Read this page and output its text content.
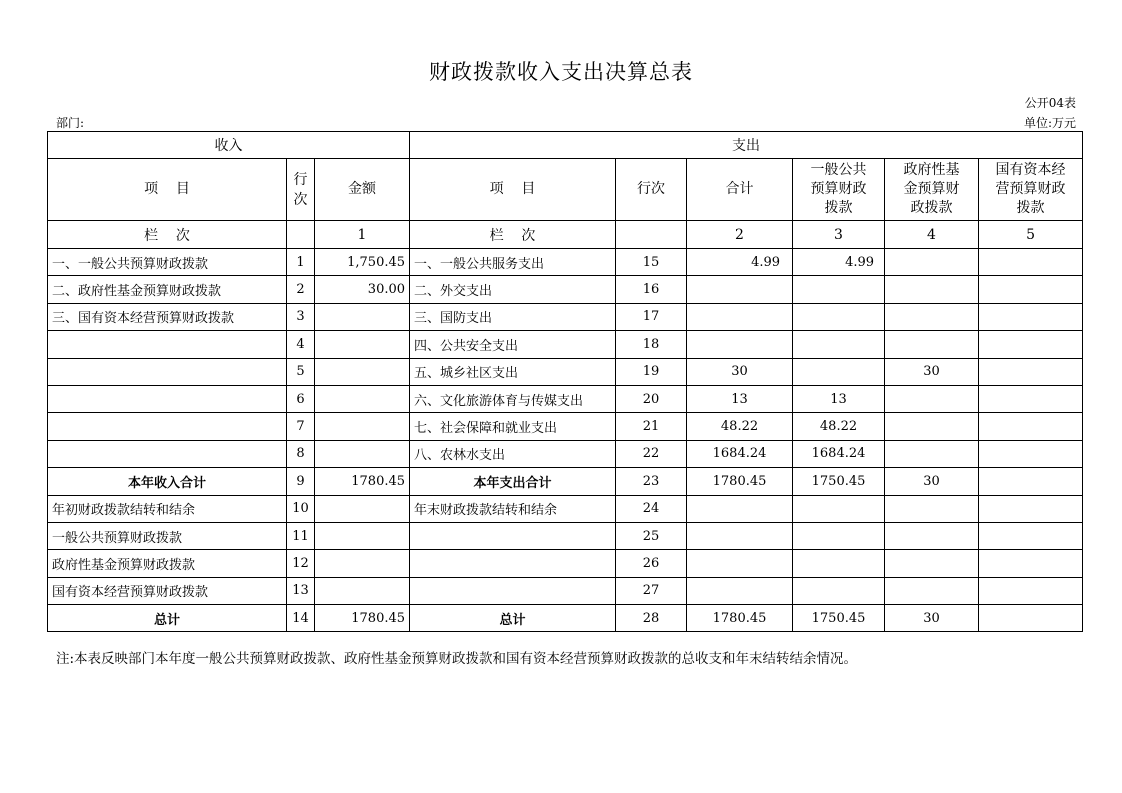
财政拨款收入支出决算总表
公开04表
部门:	单位:万元
收入			支出					
项    目	行次	金额	项    目	行次	合计	一般公共预算财政拨款	政府性基金预算财政拨款	国有资本经营预算财政拨款
栏    次		1	栏    次		2	3	4	5
一、一般公共预算财政拨款	1	1,750.45	一、一般公共服务支出	15	4.99	4.99		
二、政府性基金预算财政拨款	2	30.00	二、外交支出	16				
三、国有资本经营预算财政拨款	3		三、国防支出	17				
	4		四、公共安全支出	18				
	5		五、城乡社区支出	19	30		30	
	6		六、文化旅游体育与传媒支出	20	13	13		
	7		七、社会保障和就业支出	21	48.22	48.22		
	8		八、农林水支出	22	1684.24	1684.24		
本年收入合计	9	1780.45	本年支出合计	23	1780.45	1750.45	30	
年初财政拨款结转和结余	10		年末财政拨款结转和结余	24				
一般公共预算财政拨款	11			25				
政府性基金预算财政拨款	12			26				
国有资本经营预算财政拨款	13			27				
总计	14	1780.45	总计	28	1780.45	1750.45	30	
注:本表反映部门本年度一般公共预算财政拨款、政府性基金预算财政拨款和国有资本经营预算财政拨款的总收支和年末结转结余情况。
